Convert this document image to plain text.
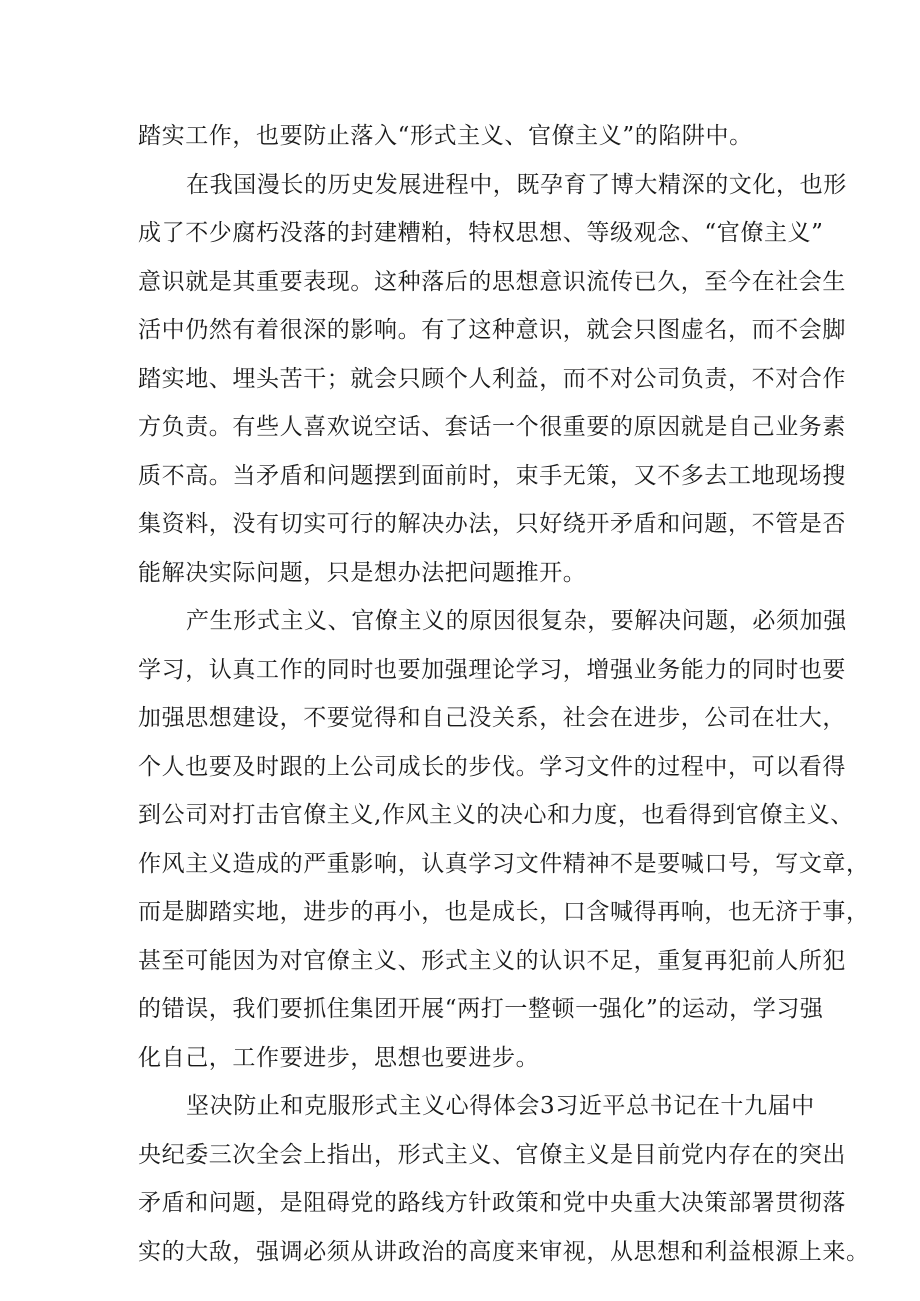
踏实工作，也要防止落入“形式主义、官僚主义”的陷阱中。
在我国漫长的历史发展进程中，既孕育了博大精深的文化，也形
成了不少腐朽没落的封建糟粕，特权思想、等级观念、“官僚主义”
意识就是其重要表现。这种落后的思想意识流传已久，至今在社会生
活中仍然有着很深的影响。有了这种意识，就会只图虚名，而不会脚
踏实地、埋头苦干；就会只顾个人利益，而不对公司负责，不对合作
方负责。有些人喜欢说空话、套话一个很重要的原因就是自己业务素
质不高。当矛盾和问题摆到面前时，束手无策，又不多去工地现场搜
集资料，没有切实可行的解决办法，只好绕开矛盾和问题，不管是否
能解决实际问题，只是想办法把问题推开。
产生形式主义、官僚主义的原因很复杂，要解决问题，必须加强
学习，认真工作的同时也要加强理论学习，增强业务能力的同时也要
加强思想建设，不要觉得和自己没关系，社会在进步，公司在壮大，
个人也要及时跟的上公司成长的步伐。学习文件的过程中，可以看得
到公司对打击官僚主义,作风主义的决心和力度，也看得到官僚主义、
作风主义造成的严重影响，认真学习文件精神不是要喊口号，写文章，
而是脚踏实地，进步的再小，也是成长，口含喊得再响，也无济于事，
甚至可能因为对官僚主义、形式主义的认识不足，重复再犯前人所犯
的错误，我们要抓住集团开展“两打一整顿一强化”的运动，学习强
化自己，工作要进步，思想也要进步。
坚决防止和克服形式主义心得体会3习近平总书记在十九届中
央纪委三次全会上指出，形式主义、官僚主义是目前党内存在的突出
矛盾和问题，是阻碍党的路线方针政策和党中央重大决策部署贯彻落
实的大敌，强调必须从讲政治的高度来审视，从思想和利益根源上来。
